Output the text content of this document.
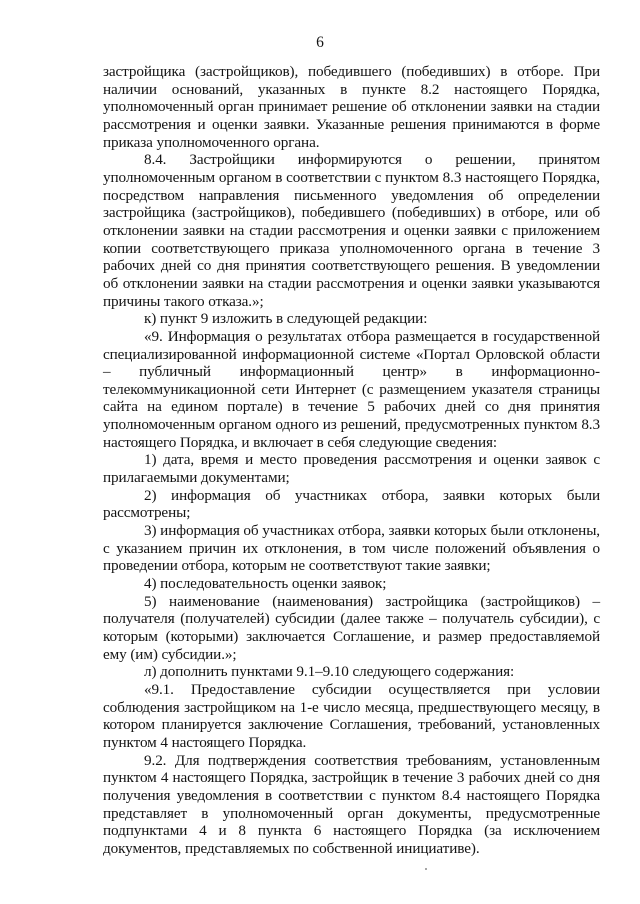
6

застройщика (застройщиков), победившего (победивших) в отборе. При наличии оснований, указанных в пункте 8.2 настоящего Порядка, уполномоченный орган принимает решение об отклонении заявки на стадии рассмотрения и оценки заявки. Указанные решения принимаются в форме приказа уполномоченного органа.

8.4. Застройщики информируются о решении, принятом уполномоченным органом в соответствии с пунктом 8.3 настоящего Порядка, посредством направления письменного уведомления об определении застройщика (застройщиков), победившего (победивших) в отборе, или об отклонении заявки на стадии рассмотрения и оценки заявки с приложением копии соответствующего приказа уполномоченного органа в течение 3 рабочих дней со дня принятия соответствующего решения. В уведомлении об отклонении заявки на стадии рассмотрения и оценки заявки указываются причины такого отказа.»;

к) пункт 9 изложить в следующей редакции:

«9. Информация о результатах отбора размещается в государственной специализированной информационной системе «Портал Орловской области – публичный информационный центр» в информационно-телекоммуникационной сети Интернет (с размещением указателя страницы сайта на едином портале) в течение 5 рабочих дней со дня принятия уполномоченным органом одного из решений, предусмотренных пунктом 8.3 настоящего Порядка, и включает в себя следующие сведения:

1) дата, время и место проведения рассмотрения и оценки заявок с прилагаемыми документами;

2) информация об участниках отбора, заявки которых были рассмотрены;

3) информация об участниках отбора, заявки которых были отклонены, с указанием причин их отклонения, в том числе положений объявления о проведении отбора, которым не соответствуют такие заявки;

4) последовательность оценки заявок;

5) наименование (наименования) застройщика (застройщиков) – получателя (получателей) субсидии (далее также – получатель субсидии), с которым (которыми) заключается Соглашение, и размер предоставляемой ему (им) субсидии.»;

л) дополнить пунктами 9.1–9.10 следующего содержания:

«9.1. Предоставление субсидии осуществляется при условии соблюдения застройщиком на 1-е число месяца, предшествующего месяцу, в котором планируется заключение Соглашения, требований, установленных пунктом 4 настоящего Порядка.

9.2. Для подтверждения соответствия требованиям, установленным пунктом 4 настоящего Порядка, застройщик в течение 3 рабочих дней со дня получения уведомления в соответствии с пунктом 8.4 настоящего Порядка представляет в уполномоченный орган документы, предусмотренные подпунктами 4 и 8 пункта 6 настоящего Порядка (за исключением документов, представляемых по собственной инициативе).
